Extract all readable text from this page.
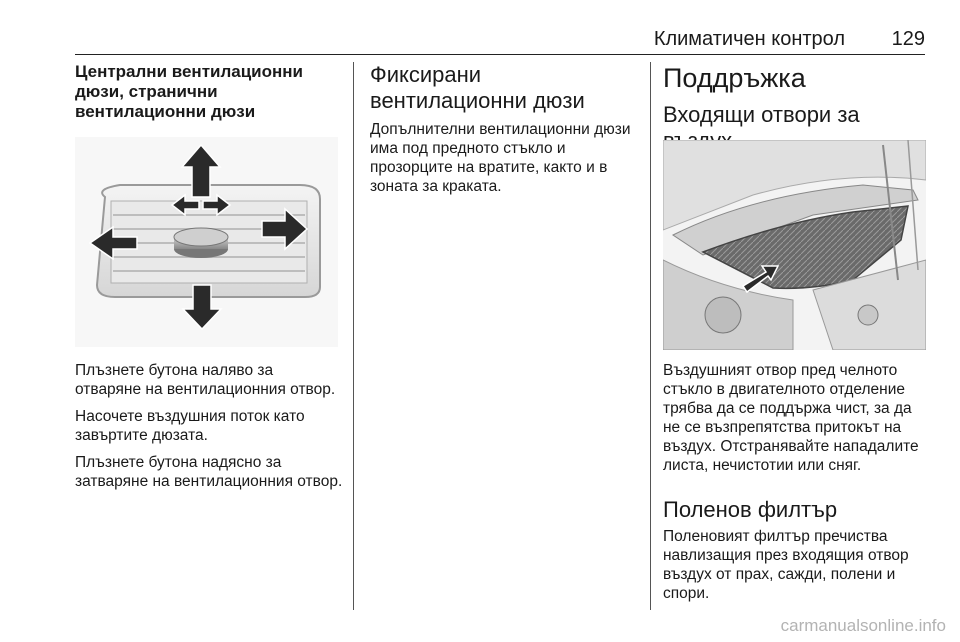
Климатичен контрол 129
Централни вентилационни дюзи, странични вентилационни дюзи

Плъзнете бутона наляво за отваряне на вентилационния отвор.

Насочете въздушния поток като завъртите дюзата.

Плъзнете бутона надясно за затваряне на вентилационния отвор.

Фиксирани вентилационни дюзи

Допълнителни вентилационни дюзи има под предното стъкло и прозорците на вратите, както и в зоната за краката.

Поддръжка
Входящи отвори за

Въздушният отвор пред челното стъкло в двигателното отделение трябва да се поддържа чист, за да не се възпрепятства притокът на въздух. Отстранявайте нападалите листа, нечистотии или сняг.

Поленов филтър

Поленовият филтър пречиства навлизащия през входящия отвор въздух от прах, сажди, полени и спори.

carmanualsonline.info
